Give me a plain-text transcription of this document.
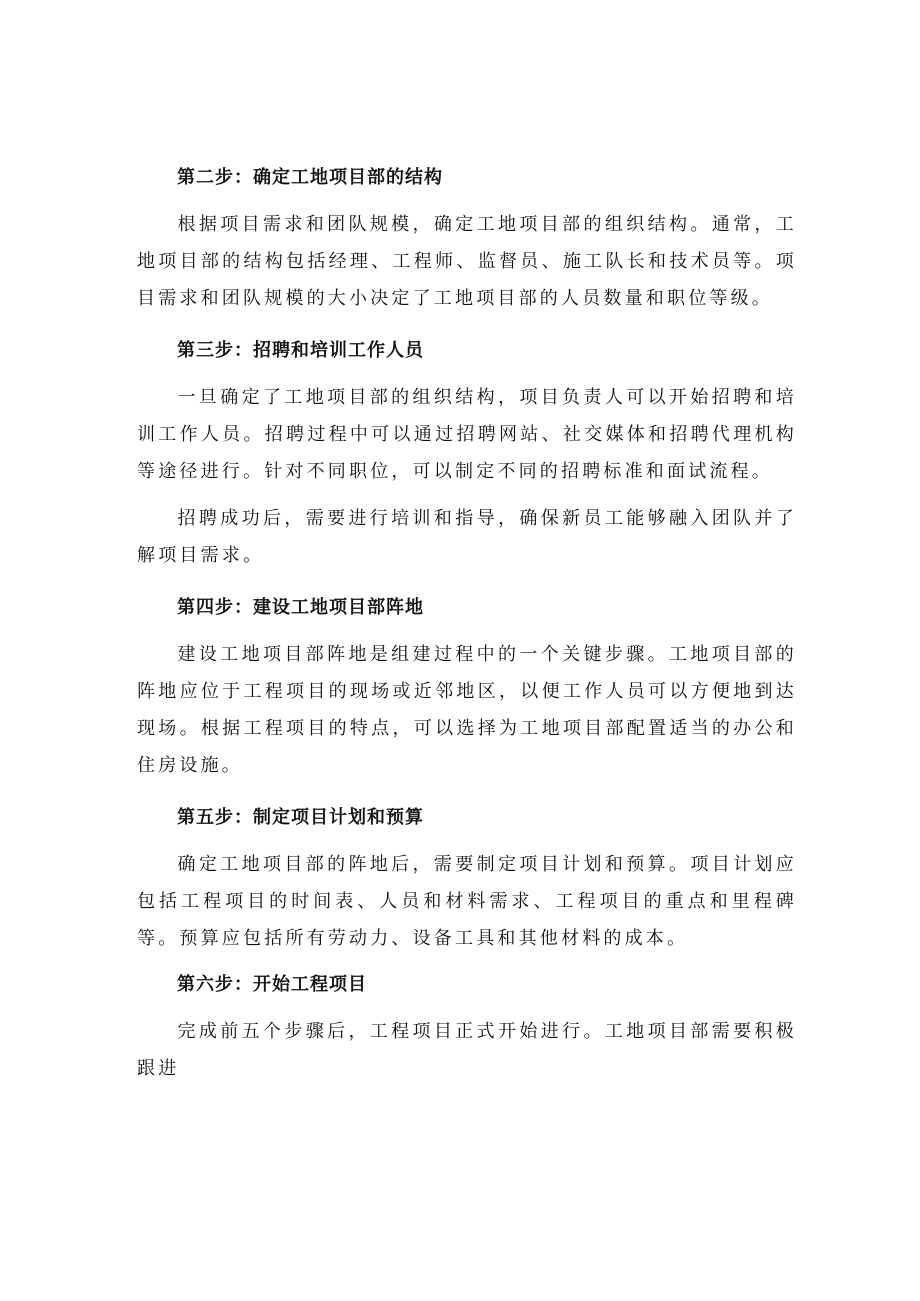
第二步：确定工地项目部的结构

根据项目需求和团队规模，确定工地项目部的组织结构。通常，工地项目部的结构包括经理、工程师、监督员、施工队长和技术员等。项目需求和团队规模的大小决定了工地项目部的人员数量和职位等级。

第三步：招聘和培训工作人员

一旦确定了工地项目部的组织结构，项目负责人可以开始招聘和培训工作人员。招聘过程中可以通过招聘网站、社交媒体和招聘代理机构等途径进行。针对不同职位，可以制定不同的招聘标准和面试流程。

招聘成功后，需要进行培训和指导，确保新员工能够融入团队并了解项目需求。

第四步：建设工地项目部阵地

建设工地项目部阵地是组建过程中的一个关键步骤。工地项目部的阵地应位于工程项目的现场或近邻地区，以便工作人员可以方便地到达现场。根据工程项目的特点，可以选择为工地项目部配置适当的办公和住房设施。

第五步：制定项目计划和预算

确定工地项目部的阵地后，需要制定项目计划和预算。项目计划应包括工程项目的时间表、人员和材料需求、工程项目的重点和里程碑等。预算应包括所有劳动力、设备工具和其他材料的成本。

第六步：开始工程项目

完成前五个步骤后，工程项目正式开始进行。工地项目部需要积极跟进
